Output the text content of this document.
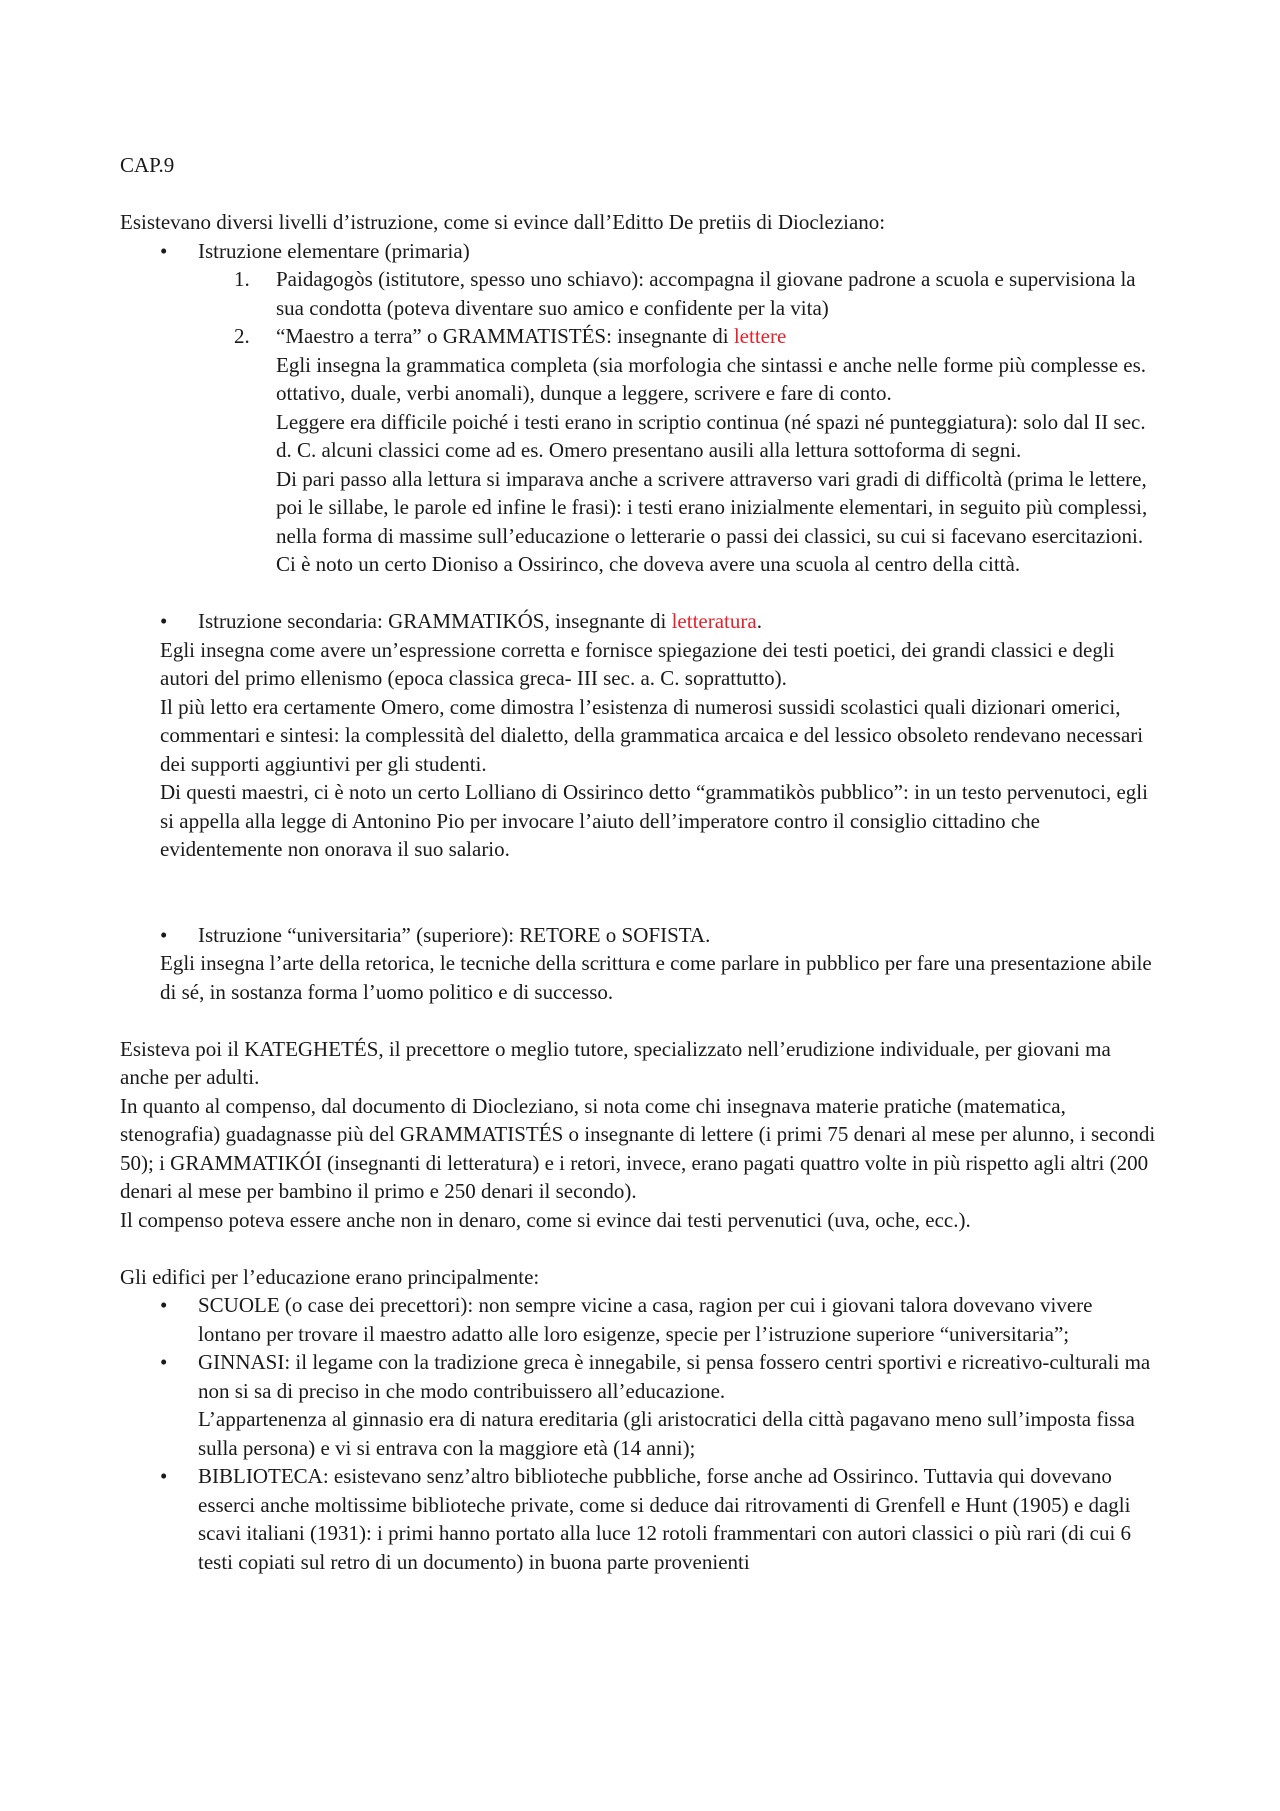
CAP.9

Esistevano diversi livelli d’istruzione, come si evince dall’Editto De pretiis di Diocleziano:

• Istruzione elementare (primaria)
1. Paidagogòs (istitutore, spesso uno schiavo): accompagna il giovane padrone a scuola e supervisiona la sua condotta (poteva diventare suo amico e confidente per la vita)
2. “Maestro a terra” o GRAMMATISTÉS: insegnante di lettere

Egli insegna la grammatica completa (sia morfologia che sintassi e anche nelle forme più complesse es. ottativo, duale, verbi anomali), dunque a leggere, scrivere e fare di conto.

Leggere era difficile poiché i testi erano in scriptio continua (né spazi né punteggiatura): solo dal II sec. d. C. alcuni classici come ad es. Omero presentano ausili alla lettura sottoforma di segni.

Di pari passo alla lettura si imparava anche a scrivere attraverso vari gradi di difficoltà (prima le lettere, poi le sillabe, le parole ed infine le frasi): i testi erano inizialmente elementari, in seguito più complessi, nella forma di massime sull’educazione o letterarie o passi dei classici, su cui si facevano esercitazioni.

Ci è noto un certo Dioniso a Ossirinco, che doveva avere una scuola al centro della città.

• Istruzione secondaria: GRAMMATIKÓS, insegnante di letteratura.

Egli insegna come avere un’espressione corretta e fornisce spiegazione dei testi poetici, dei grandi classici e degli autori del primo ellenismo (epoca classica greca- III sec. a. C. soprattutto).

Il più letto era certamente Omero, come dimostra l’esistenza di numerosi sussidi scolastici quali dizionari omerici, commentari e sintesi: la complessità del dialetto, della grammatica arcaica e del lessico obsoleto rendevano necessari dei supporti aggiuntivi per gli studenti.

Di questi maestri, ci è noto un certo Lolliano di Ossirinco detto “grammatikòs pubblico”: in un testo pervenutoci, egli si appella alla legge di Antonino Pio per invocare l’aiuto dell’imperatore contro il consiglio cittadino che evidentemente non onorava il suo salario.

• Istruzione “universitaria” (superiore): RETORE o SOFISTA.

Egli insegna l’arte della retorica, le tecniche della scrittura e come parlare in pubblico per fare una presentazione abile di sé, in sostanza forma l’uomo politico e di successo.

Esisteva poi il KATEGHETÉS, il precettore o meglio tutore, specializzato nell’erudizione individuale, per giovani ma anche per adulti.

In quanto al compenso, dal documento di Diocleziano, si nota come chi insegnava materie pratiche (matematica, stenografia) guadagnasse più del GRAMMATISTÉS o insegnante di lettere (i primi 75 denari al mese per alunno, i secondi 50); i GRAMMATIKÓI (insegnanti di letteratura) e i retori, invece, erano pagati quattro volte in più rispetto agli altri (200 denari al mese per bambino il primo e 250 denari il secondo).

Il compenso poteva essere anche non in denaro, come si evince dai testi pervenutici (uva, oche, ecc.).

Gli edifici per l’educazione erano principalmente:

• SCUOLE (o case dei precettori): non sempre vicine a casa, ragion per cui i giovani talora dovevano vivere lontano per trovare il maestro adatto alle loro esigenze, specie per l’istruzione superiore “universitaria”;
• GINNASI: il legame con la tradizione greca è innegabile, si pensa fossero centri sportivi e ricreativo-culturali ma non si sa di preciso in che modo contribuissero all’educazione.

L’appartenenza al ginnasio era di natura ereditaria (gli aristocratici della città pagavano meno sull’imposta fissa sulla persona) e vi si entrava con la maggiore età (14 anni);

• BIBLIOTECA: esistevano senz’altro biblioteche pubbliche, forse anche ad Ossirinco. Tuttavia qui dovevano esserci anche moltissime biblioteche private, come si deduce dai ritrovamenti di Grenfell e Hunt (1905) e dagli scavi italiani (1931): i primi hanno portato alla luce 12 rotoli frammentari con autori classici o più rari (di cui 6 testi copiati sul retro di un documento) in buona parte provenienti
